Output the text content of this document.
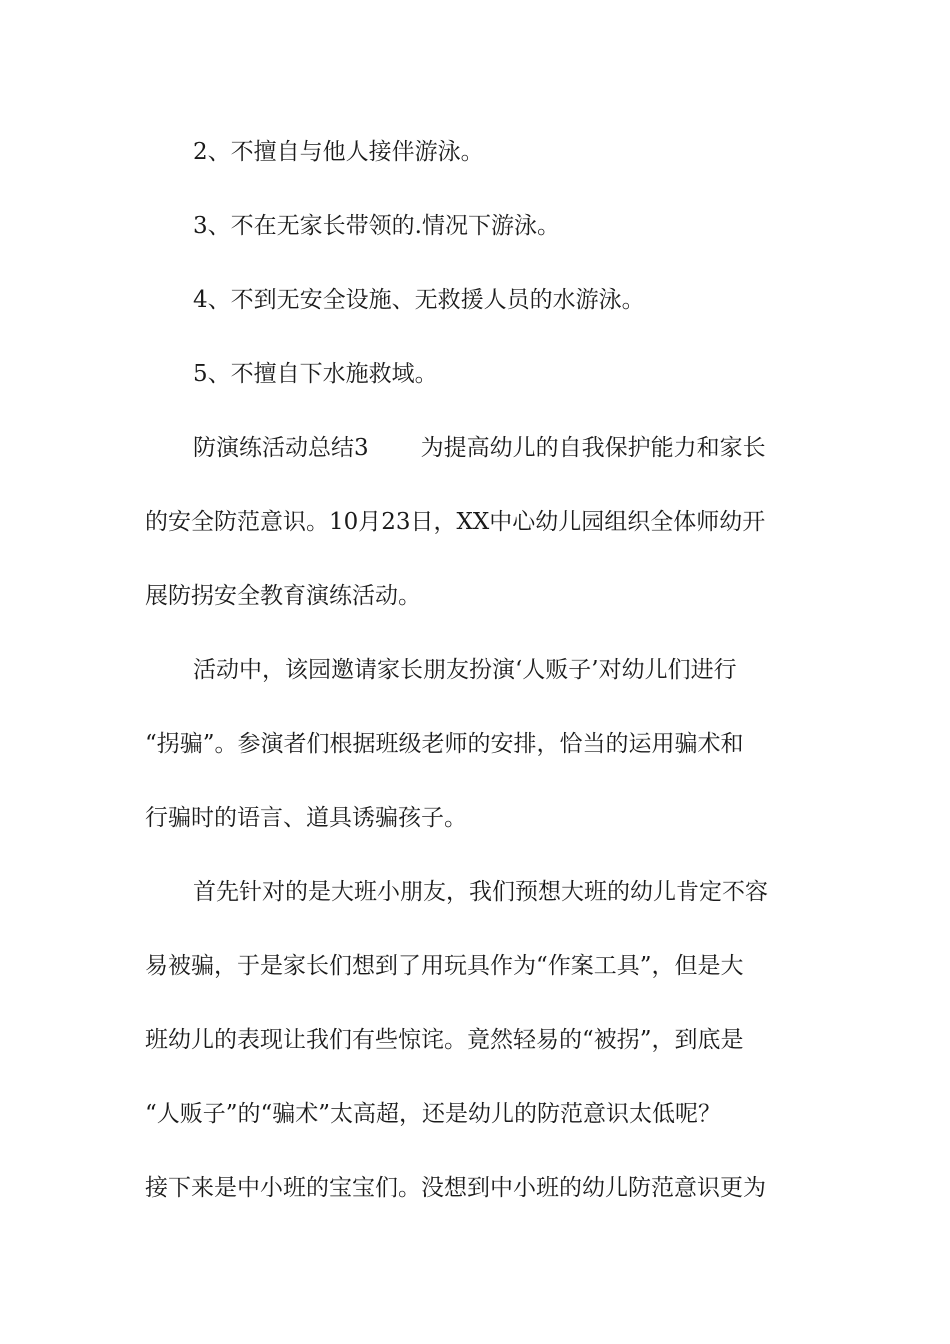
2、不擅自与他人接伴游泳。
3、不在无家长带领的.情况下游泳。
4、不到无安全设施、无救援人员的水游泳。
5、不擅自下水施救域。
防演练活动总结3 为提高幼儿的自我保护能力和家长
的安全防范意识。10月23日，XX中心幼儿园组织全体师幼开
展防拐安全教育演练活动。
活动中，该园邀请家长朋友扮演‘人贩子’对幼儿们进行
“拐骗”。参演者们根据班级老师的安排，恰当的运用骗术和
行骗时的语言、道具诱骗孩子。
首先针对的是大班小朋友，我们预想大班的幼儿肯定不容
易被骗，于是家长们想到了用玩具作为“作案工具”，但是大
班幼儿的表现让我们有些惊诧。竟然轻易的“被拐”，到底是
“人贩子”的“骗术”太高超，还是幼儿的防范意识太低呢？
接下来是中小班的宝宝们。没想到中小班的幼儿防范意识更为
